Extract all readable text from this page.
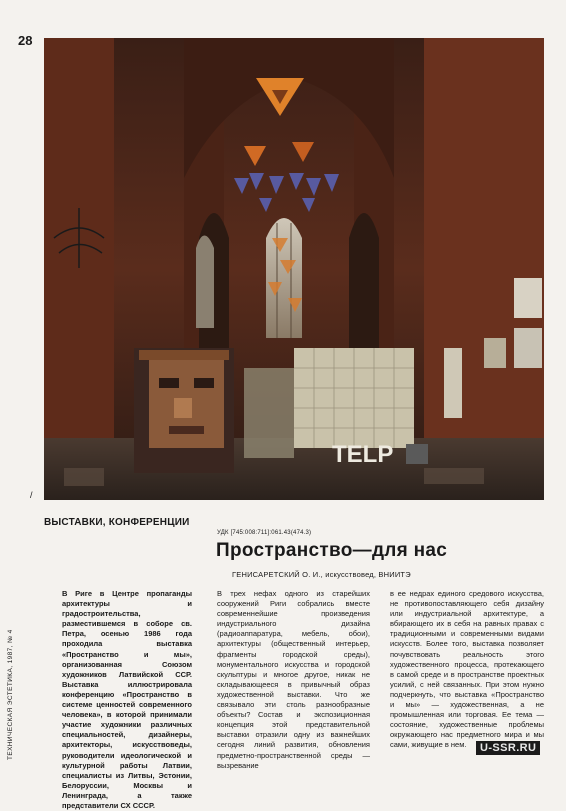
28
TELP
/
ВЫСТАВКИ, КОНФЕРЕНЦИИ
УДК [745:008:711]:061.43(474.3)
Пространство—для нас
ГЕНИСАРЕТСКИЙ О. И., искусствовед, ВНИИТЭ
ТЕХНИЧЕСКАЯ ЭСТЕТИКА, 1987, № 4
В Риге в Центре пропаганды архитектуры и градостроительства, разместившемся в соборе св. Петра, осенью 1986 года проходила выставка «Пространство и мы», организованная Союзом художников Латвийской ССР. Выставка иллюстрировала конференцию «Пространство в системе ценностей современного человека», в которой принимали участие художники различных специальностей, дизайнеры, архитекторы, искусствоведы, руководители идеологической и культурной работы Латвии, специалисты из Литвы, Эстонии, Белоруссии, Москвы и Ленинграда, а также представители СХ СССР.
В трех нефах одного из старейших сооружений Риги собрались вместе современнейшие произведения индустриального дизайна (радиоаппаратура, мебель, обои), архитектуры (общественный интерьер, фрагменты городской среды), монументального искусства и городской скульптуры и многое другое, никак не складывающееся в привычный образ художественной выставки. Что же связывало эти столь разнообразные объекты? Состав и экспозиционная концепция этой представительной выставки отразили одну из важнейших сегодня линий развития, обновления предметно-пространственной среды — вызревание
в ее недрах единого средового искусства, не противопоставляющего себя дизайну или индустриальной архитектуре, а вбирающего их в себя на равных правах с традиционными и современными видами искусств. Более того, выставка позволяет почувствовать реальность этого художественного процесса, протекающего в самой среде и в пространстве проектных усилий, с ней связанных. При этом нужно подчеркнуть, что выставка «Пространство и мы» — художественная, а не промышленная или торговая. Ее тема — состояние, художественные проблемы окружающего нас предметного мира и мы сами, живущие в нем.	U-SSR.RU
